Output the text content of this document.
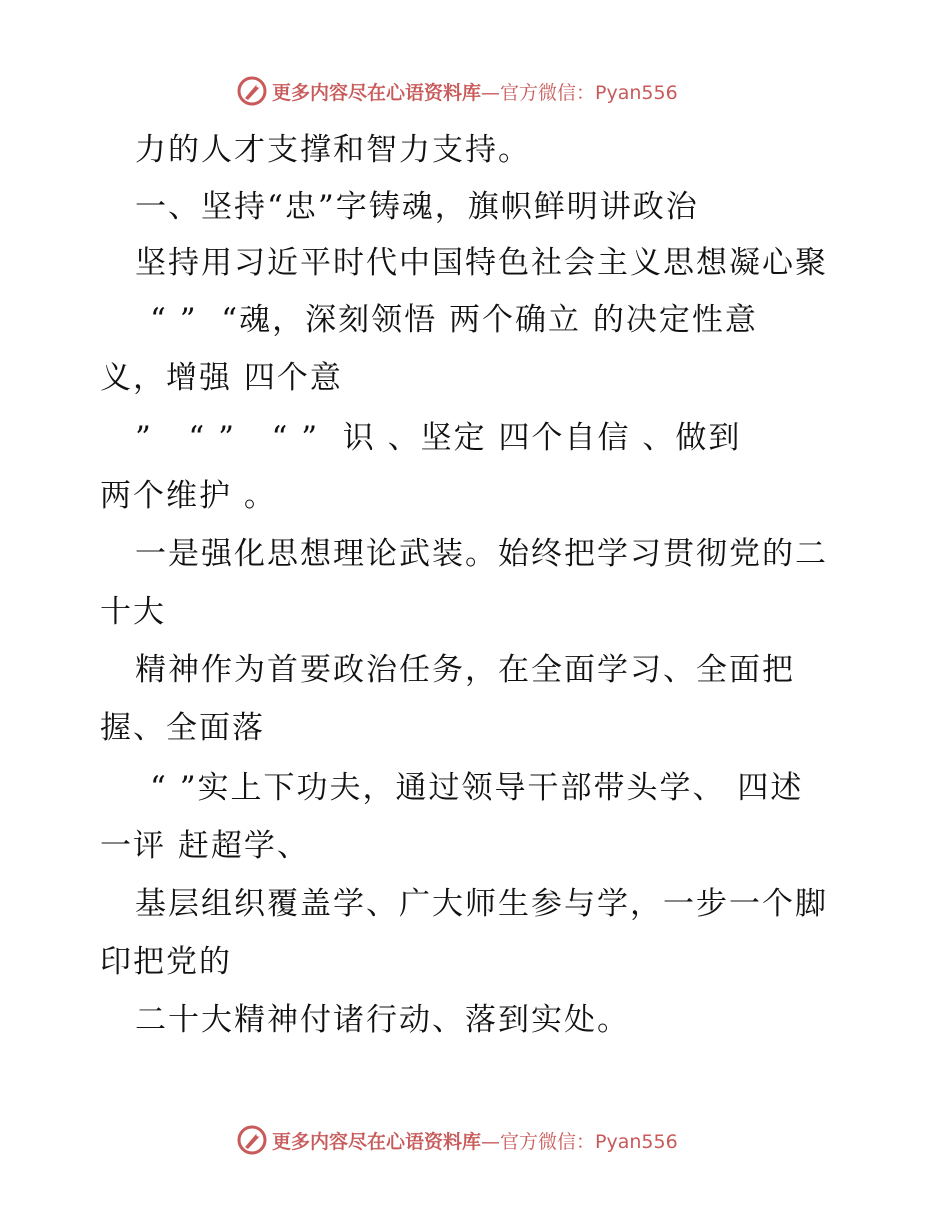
更多内容尽在心语资料库 —官方微信：Pyan556
力的人才支撑和智力支持。
一、坚持“忠”字铸魂，旗帜鲜明讲政治
坚持用习近平时代中国特色社会主义思想凝心聚
“ ”  “魂，深刻领悟 两个确立 的决定性意
义，增强 四个意
”   “ ”   “ ”  识 、坚定 四个自信 、做到
两个维护 。
一是强化思想理论武装。始终把学习贯彻党的二
十大
精神作为首要政治任务，在全面学习、全面把
握、全面落
“ ”实上下功夫，通过领导干部带头学、 四述
一评 赶超学、
基层组织覆盖学、广大师生参与学，一步一个脚
印把党的
二十大精神付诸行动、落到实处。
更多内容尽在心语资料库 —官方微信：Pyan556
